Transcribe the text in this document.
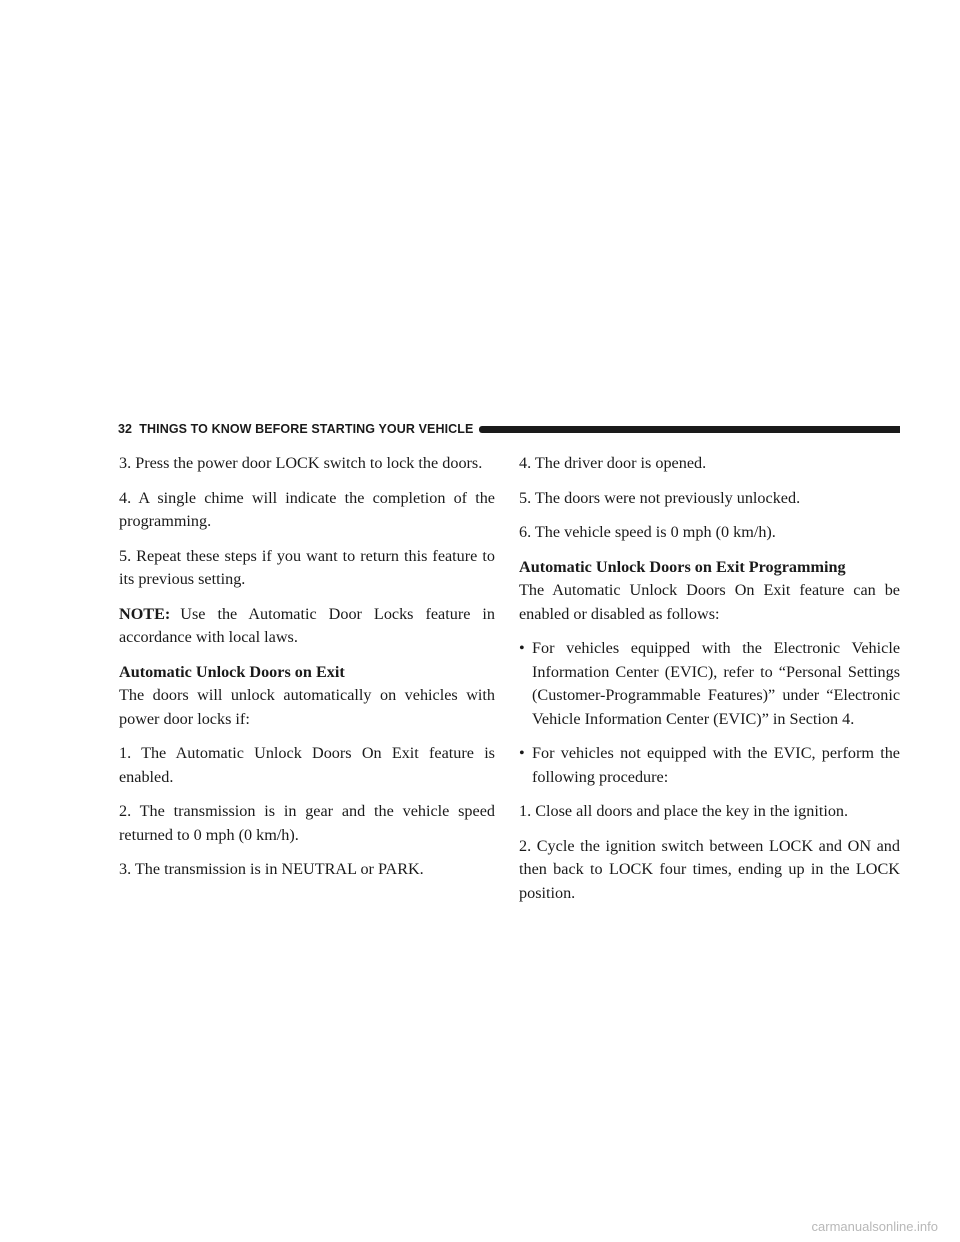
32 THINGS TO KNOW BEFORE STARTING YOUR VEHICLE

3. Press the power door LOCK switch to lock the doors.

4. A single chime will indicate the completion of the programming.

5. Repeat these steps if you want to return this feature to its previous setting.

NOTE: Use the Automatic Door Locks feature in accordance with local laws.

Automatic Unlock Doors on Exit

The doors will unlock automatically on vehicles with power door locks if:

1. The Automatic Unlock Doors On Exit feature is enabled.

2. The transmission is in gear and the vehicle speed returned to 0 mph (0 km/h).

3. The transmission is in NEUTRAL or PARK.

4. The driver door is opened.

5. The doors were not previously unlocked.

6. The vehicle speed is 0 mph (0 km/h).

Automatic Unlock Doors on Exit Programming

The Automatic Unlock Doors On Exit feature can be enabled or disabled as follows:

• For vehicles equipped with the Electronic Vehicle Information Center (EVIC), refer to “Personal Settings (Customer-Programmable Features)” under “Electronic Vehicle Information Center (EVIC)” in Section 4.
• For vehicles not equipped with the EVIC, perform the following procedure:

1. Close all doors and place the key in the ignition.

2. Cycle the ignition switch between LOCK and ON and then back to LOCK four times, ending up in the LOCK position.

carmanualsonline.info
